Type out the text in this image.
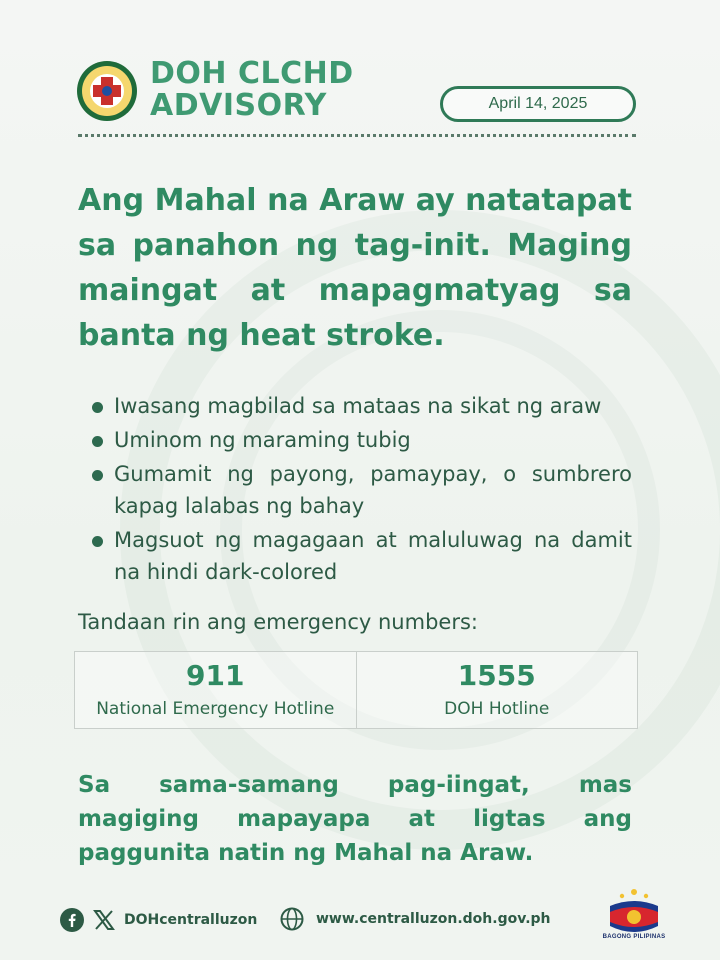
DOH CLCHD
ADVISORY	April 14, 2025
Ang Mahal na Araw ay natatapat sa panahon ng tag-init. Maging maingat at mapagmatyag sa banta ng heat stroke.
Iwasang magbilad sa mataas na sikat ng araw
Uminom ng maraming tubig
Gumamit ng payong, pamaypay, o sumbrero kapag lalabas ng bahay
Magsuot ng magagaan at maluluwag na damit na hindi dark-colored
Tandaan rin ang emergency numbers:
911
National Emergency Hotline
1555
DOH Hotline
Sa sama-samang pag-iingat, mas magiging mapayapa at ligtas ang paggunita natin ng Mahal na Araw.
DOHcentralluzon	www.centralluzon.doh.gov.ph
BAGONG PILIPINAS
